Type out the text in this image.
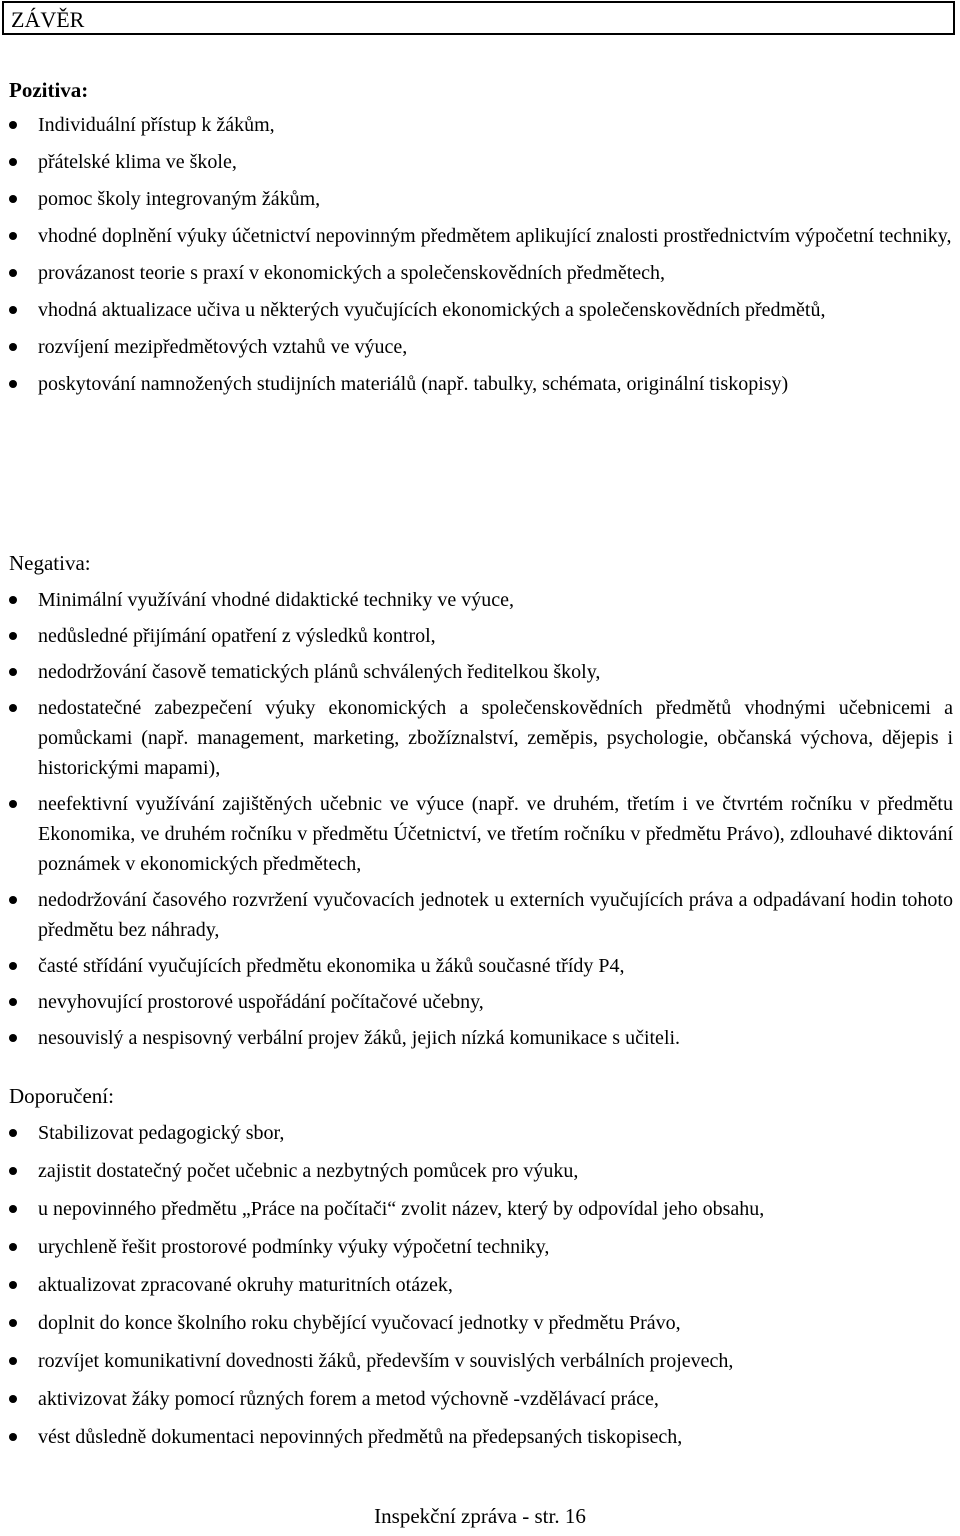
ZÁVĚR

Pozitiva:

Individuální přístup k žákům,
přátelské klima ve škole,
pomoc školy integrovaným žákům,
vhodné doplnění výuky účetnictví nepovinným předmětem aplikující znalosti prostřednictvím výpočetní techniky,
provázanost teorie s praxí v ekonomických a společenskovědních předmětech,
vhodná aktualizace učiva u některých vyučujících ekonomických a společenskovědních předmětů,
rozvíjení mezipředmětových vztahů ve výuce,
poskytování namnožených studijních materiálů (např. tabulky, schémata, originální tiskopisy)

Negativa:

Minimální využívání vhodné didaktické techniky ve výuce,
nedůsledné přijímání opatření z výsledků kontrol,
nedodržování časově tematických plánů schválených ředitelkou školy,
nedostatečné zabezpečení výuky ekonomických a společenskovědních předmětů vhodnými učebnicemi a pomůckami (např. management, marketing, zbožíznalství, zeměpis, psychologie, občanská výchova, dějepis i historickými mapami),
neefektivní využívání zajištěných učebnic ve výuce (např. ve druhém, třetím i ve čtvrtém ročníku v předmětu Ekonomika, ve druhém ročníku v předmětu Účetnictví, ve třetím ročníku v předmětu Právo), zdlouhavé diktování poznámek v ekonomických předmětech,
nedodržování časového rozvržení vyučovacích jednotek u externích vyučujících práva a odpadávaní hodin tohoto předmětu bez náhrady,
časté střídání vyučujících předmětu ekonomika u žáků současné třídy P4,
nevyhovující prostorové uspořádání počítačové učebny,
nesouvislý a nespisovný verbální projev žáků, jejich nízká komunikace s učiteli.

Doporučení:

Stabilizovat pedagogický sbor,
zajistit dostatečný počet učebnic a nezbytných pomůcek pro výuku,
u nepovinného předmětu „Práce na počítači“ zvolit název, který by odpovídal jeho obsahu,
urychleně řešit prostorové podmínky výuky výpočetní techniky,
aktualizovat zpracované okruhy maturitních otázek,
doplnit do konce školního roku chybějící vyučovací jednotky v předmětu Právo,
rozvíjet komunikativní dovednosti žáků, především v souvislých verbálních projevech,
aktivizovat žáky pomocí různých forem a metod výchovně -vzdělávací práce,
vést důsledně dokumentaci nepovinných předmětů na předepsaných tiskopisech,
Inspekční zpráva - str. 16
